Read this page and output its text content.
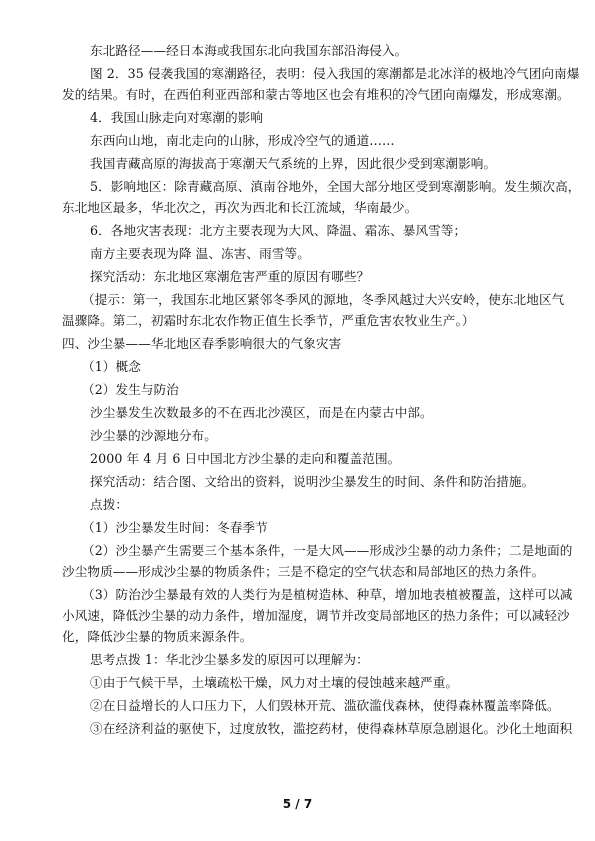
东北路径——经日本海或我国东北向我国东部沿海侵入。
图 2．35 侵袭我国的寒潮路径，表明：侵入我国的寒潮都是北冰洋的极地冷气团向南爆
发的结果。有时，在西伯利亚西部和蒙古等地区也会有堆积的冷气团向南爆发，形成寒潮。
4．我国山脉走向对寒潮的影响
东西向山地，南北走向的山脉，形成冷空气的通道……
我国青藏高原的海拔高于寒潮天气系统的上界，因此很少受到寒潮影响。
5．影响地区：除青藏高原、滇南谷地外，全国大部分地区受到寒潮影响。发生频次高，
东北地区最多，华北次之，再次为西北和长江流域，华南最少。
6．各地灾害表现：北方主要表现为大风、降温、霜冻、暴风雪等；
南方主要表现为降 温、冻害、雨雪等。
探究活动：东北地区寒潮危害严重的原因有哪些？
（提示：第一，我国东北地区紧邻冬季风的源地，冬季风越过大兴安岭，使东北地区气
温骤降。第二，初霜时东北农作物正值生长季节，严重危害农牧业生产。）
四、沙尘暴——华北地区春季影响很大的气象灾害
（1）概念
（2）发生与防治
沙尘暴发生次数最多的不在西北沙漠区，而是在内蒙古中部。
沙尘暴的沙源地分布。
2000 年 4 月 6 日中国北方沙尘暴的走向和覆盖范围。
探究活动：结合图、文给出的资料，说明沙尘暴发生的时间、条件和防治措施。
点拨：
（1）沙尘暴发生时间：冬春季节
（2）沙尘暴产生需要三个基本条件，一是大风——形成沙尘暴的动力条件；二是地面的
沙尘物质——形成沙尘暴的物质条件；三是不稳定的空气状态和局部地区的热力条件。
（3）防治沙尘暴最有效的人类行为是植树造林、种草，增加地表植被覆盖，这样可以减
小风速，降低沙尘暴的动力条件，增加湿度，调节并改变局部地区的热力条件；可以减轻沙
化，降低沙尘暴的物质来源条件。
思考点拨 1：华北沙尘暴多发的原因可以理解为：
①由于气候干旱，土壤疏松干燥，风力对土壤的侵蚀越来越严重。
②在日益增长的人口压力下，人们毁林开荒、滥砍滥伐森林，使得森林覆盖率降低。
③在经济利益的驱使下，过度放牧，滥挖药材，使得森林草原急剧退化。沙化土地面积
5 / 7
